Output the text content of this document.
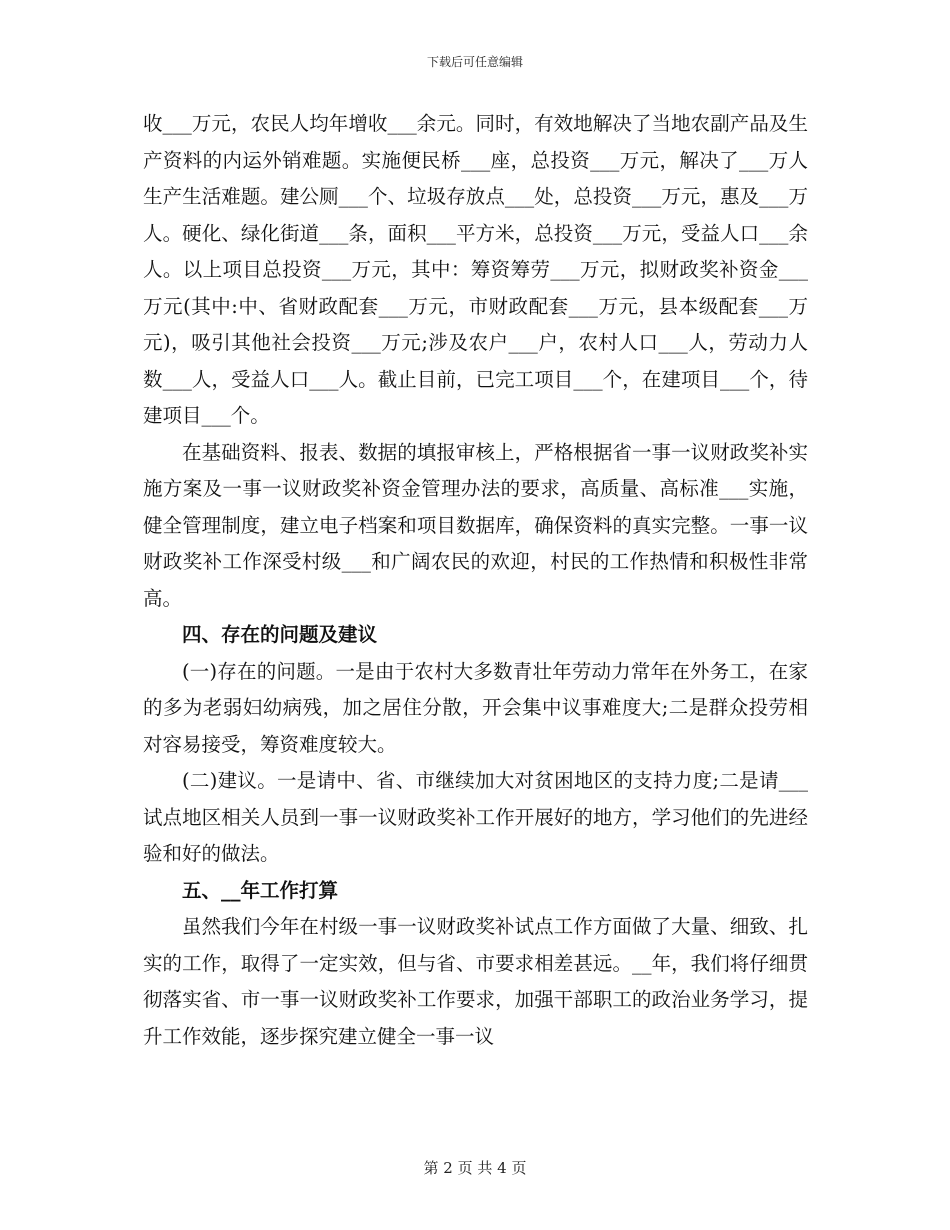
下载后可任意编辑

收___万元，农民人均年增收___余元。同时，有效地解决了当地农副产品及生产资料的内运外销难题。实施便民桥___座，总投资___万元，解决了___万人生产生活难题。建公厕___个、垃圾存放点___处，总投资___万元，惠及___万人。硬化、绿化街道___条，面积___平方米，总投资___万元，受益人口___余人。以上项目总投资___万元，其中：筹资筹劳___万元，拟财政奖补资金___万元(其中:中、省财政配套___万元，市财政配套___万元，县本级配套___万元)，吸引其他社会投资___万元;涉及农户___户，农村人口___人，劳动力人数___人，受益人口___人。截止目前，已完工项目___个，在建项目___个，待建项目___个。

在基础资料、报表、数据的填报审核上，严格根据省一事一议财政奖补实施方案及一事一议财政奖补资金管理办法的要求，高质量、高标准___实施，健全管理制度，建立电子档案和项目数据库，确保资料的真实完整。一事一议财政奖补工作深受村级___和广阔农民的欢迎，村民的工作热情和积极性非常高。

四、存在的问题及建议

(一)存在的问题。一是由于农村大多数青壮年劳动力常年在外务工，在家的多为老弱妇幼病残，加之居住分散，开会集中议事难度大;二是群众投劳相对容易接受，筹资难度较大。

(二)建议。一是请中、省、市继续加大对贫困地区的支持力度;二是请___试点地区相关人员到一事一议财政奖补工作开展好的地方，学习他们的先进经验和好的做法。

五、__年工作打算

虽然我们今年在村级一事一议财政奖补试点工作方面做了大量、细致、扎实的工作，取得了一定实效，但与省、市要求相差甚远。__年，我们将仔细贯彻落实省、市一事一议财政奖补工作要求，加强干部职工的政治业务学习，提升工作效能，逐步探究建立健全一事一议

第 2 页 共 4 页
